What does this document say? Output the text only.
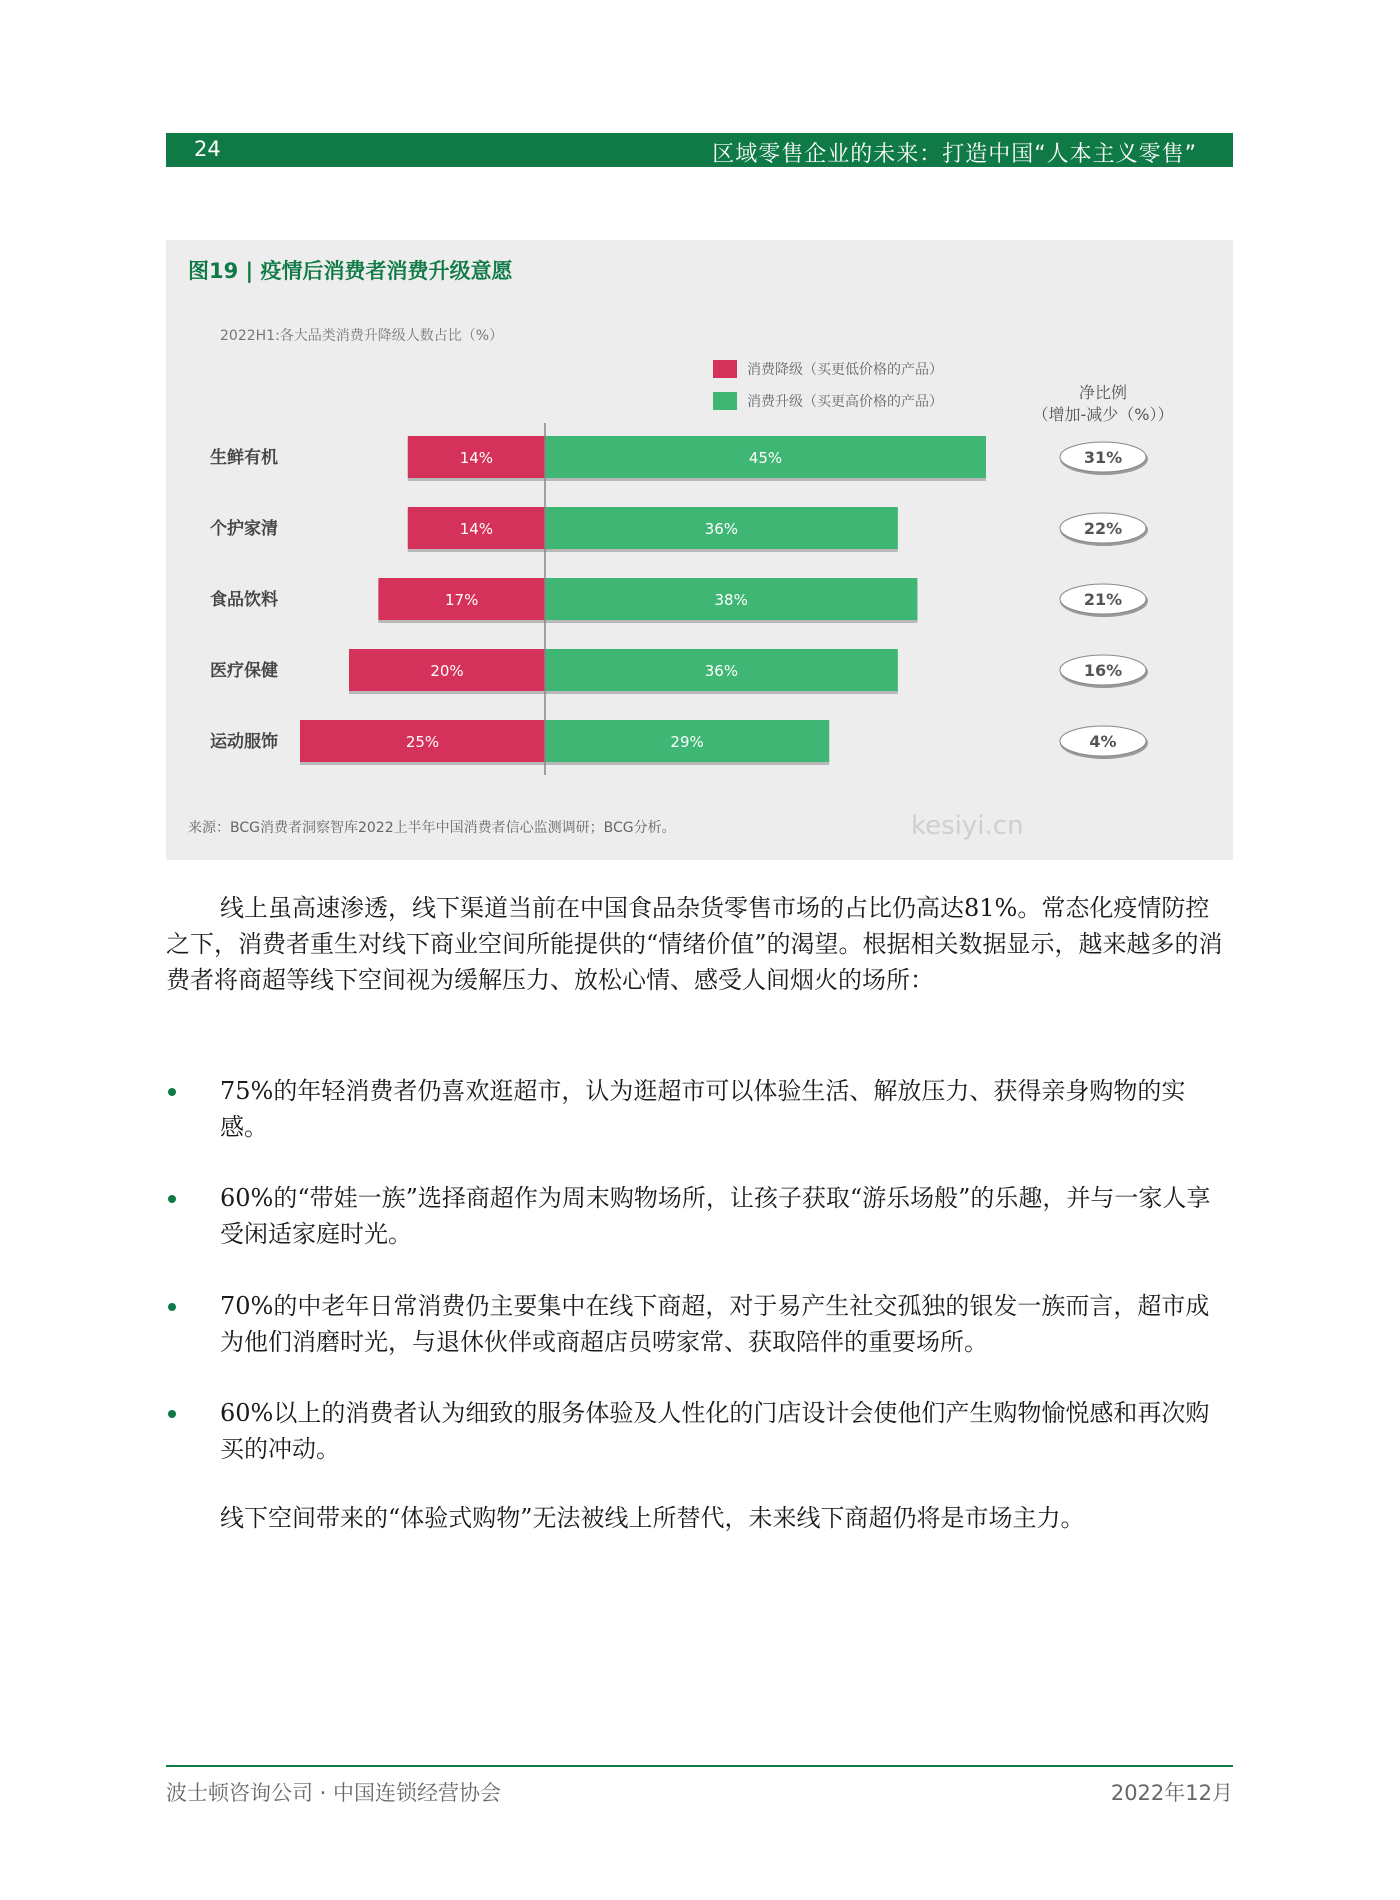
24	区域零售企业的未来：打造中国“人本主义零售”
图19 | 疫情后消费者消费升级意愿
2022H1:各大品类消费升降级人数占比（%）
消费降级（买更低价格的产品）
消费升级（买更高价格的产品）	净比例
（增加-减少（%））
生鲜有机	14%	45%	31%
个护家清	14%	36%	22%
食品饮料	17%	38%	21%
医疗保健	20%	36%	16%
运动服饰	25%	29%	4%
kesiyi.cn
来源：BCG消费者洞察智库2022上半年中国消费者信心监测调研；BCG分析。

线上虽高速渗透，线下渠道当前在中国食品杂货零售市场的占比仍高达81%。常态化疫情防控之下，消费者重生对线下商业空间所能提供的“情绪价值”的渴望。根据相关数据显示，越来越多的消费者将商超等线下空间视为缓解压力、放松心情、感受人间烟火的场所：

75%的年轻消费者仍喜欢逛超市，认为逛超市可以体验生活、解放压力、获得亲身购物的实感。
60%的“带娃一族”选择商超作为周末购物场所，让孩子获取“游乐场般”的乐趣，并与一家人享受闲适家庭时光。
70%的中老年日常消费仍主要集中在线下商超，对于易产生社交孤独的银发一族而言，超市成为他们消磨时光，与退休伙伴或商超店员唠家常、获取陪伴的重要场所。
60%以上的消费者认为细致的服务体验及人性化的门店设计会使他们产生购物愉悦感和再次购买的冲动。

线下空间带来的“体验式购物”无法被线上所替代，未来线下商超仍将是市场主力。

波士顿咨询公司 · 中国连锁经营协会	2022年12月
